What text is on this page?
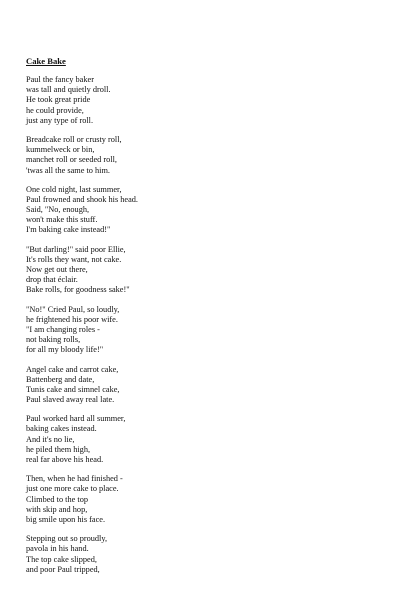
Cake Bake
Paul the fancy baker
was tall and quietly droll.
He took great pride
he could provide,
just any type of roll.
Breadcake roll or crusty roll,
kummelweck or bin,
manchet roll or seeded roll,
'twas all the same to him.
One cold night, last summer,
Paul frowned and shook his head.
Said, "No, enough,
won't make this stuff.
I'm baking cake instead!"
"But darling!" said poor Ellie,
It's rolls they want, not cake.
Now get out there,
drop that éclair.
Bake rolls, for goodness sake!"
"No!" Cried Paul, so loudly,
he frightened his poor wife.
"I am changing roles -
not baking rolls,
for all my bloody life!"
Angel cake and carrot cake,
Battenberg and date,
Tunis cake and simnel cake,
Paul slaved away real late.
Paul worked hard all summer,
baking cakes instead.
And it's no lie,
he piled them high,
real far above his head.
Then, when he had finished -
just one more cake to place.
Climbed to the top
with skip and hop,
big smile upon his face.
Stepping out so proudly,
pavola in his hand.
The top cake slipped,
and poor Paul tripped,
